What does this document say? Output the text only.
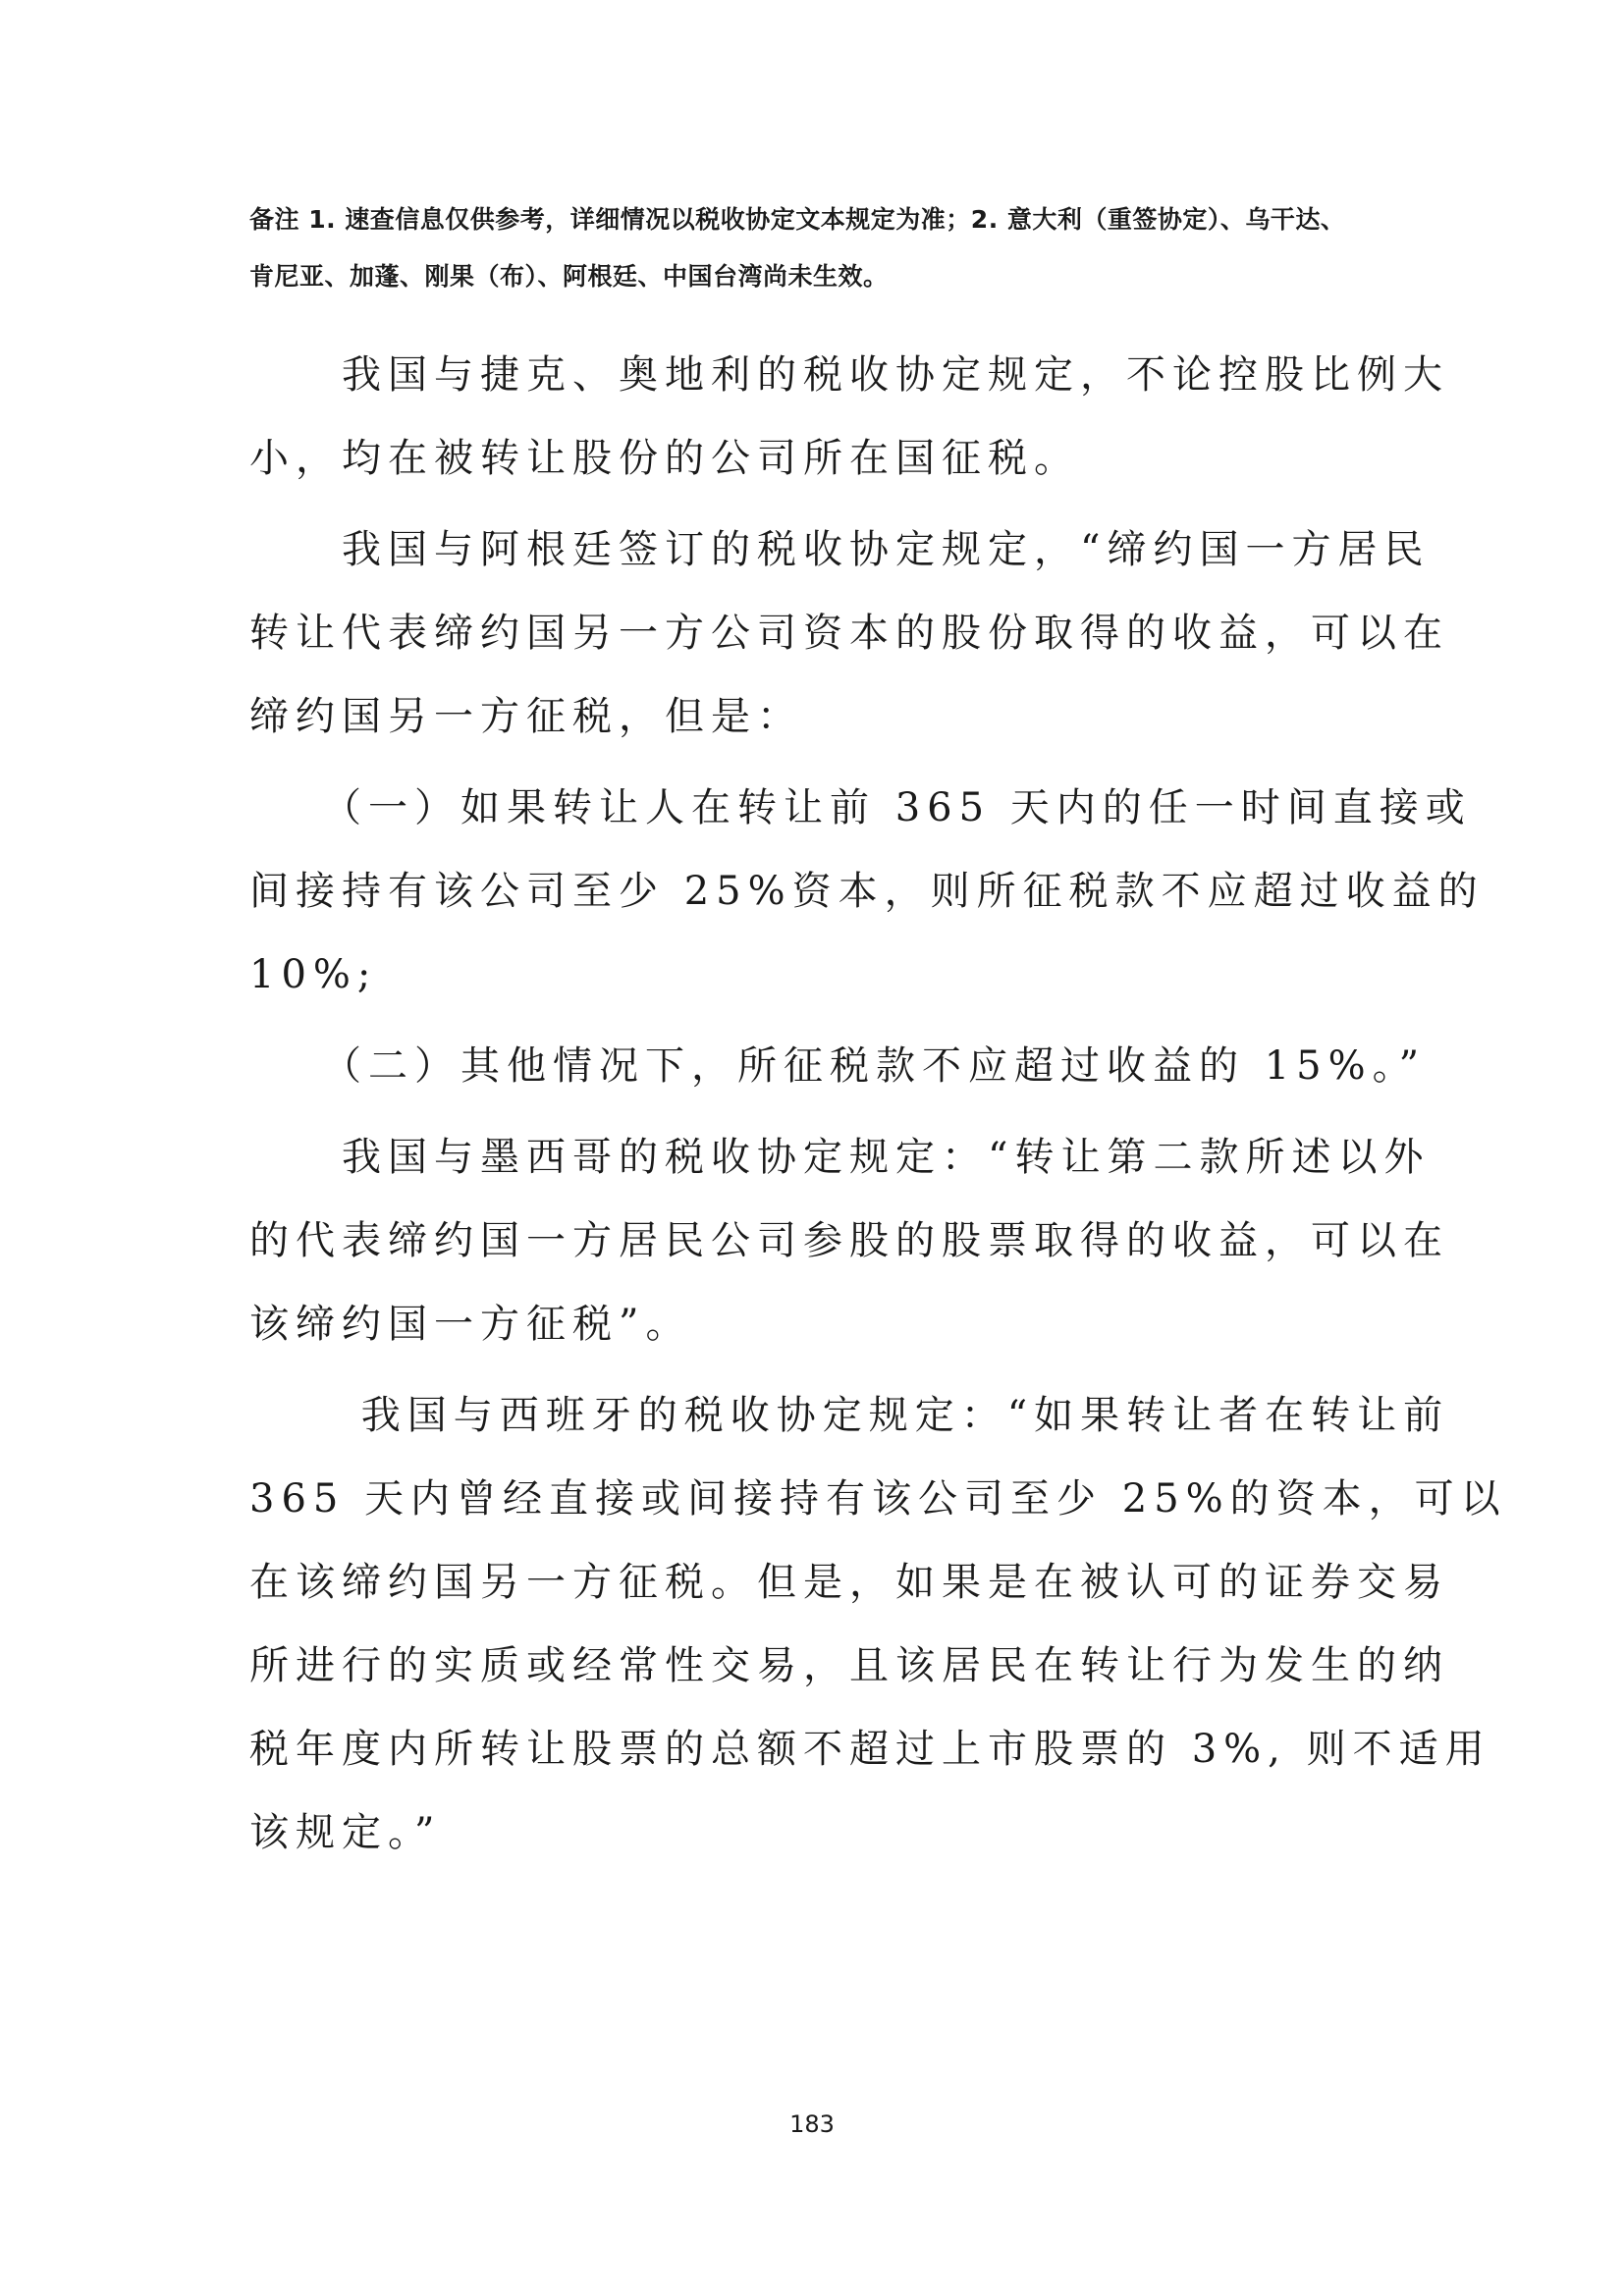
备注 1. 速查信息仅供参考，详细情况以税收协定文本规定为准；2. 意大利（重签协定）、乌干达、
肯尼亚、加蓬、刚果（布）、阿根廷、中国台湾尚未生效。

　　我国与捷克、奥地利的税收协定规定，不论控股比例大
小，均在被转让股份的公司所在国征税。

　　我国与阿根廷签订的税收协定规定，“缔约国一方居民
转让代表缔约国另一方公司资本的股份取得的收益，可以在
缔约国另一方征税，但是：

　　（一）如果转让人在转让前 365 天内的任一时间直接或
间接持有该公司至少 25%资本，则所征税款不应超过收益的
10%;

　　（二）其他情况下，所征税款不应超过收益的 15%。”

　　我国与墨西哥的税收协定规定：“转让第二款所述以外
的代表缔约国一方居民公司参股的股票取得的收益，可以在
该缔约国一方征税”。

　　 我国与西班牙的税收协定规定：“如果转让者在转让前
365 天内曾经直接或间接持有该公司至少 25%的资本，可以
在该缔约国另一方征税。但是，如果是在被认可的证券交易
所进行的实质或经常性交易，且该居民在转让行为发生的纳
税年度内所转让股票的总额不超过上市股票的 3%, 则不适用
该规定。”

183
